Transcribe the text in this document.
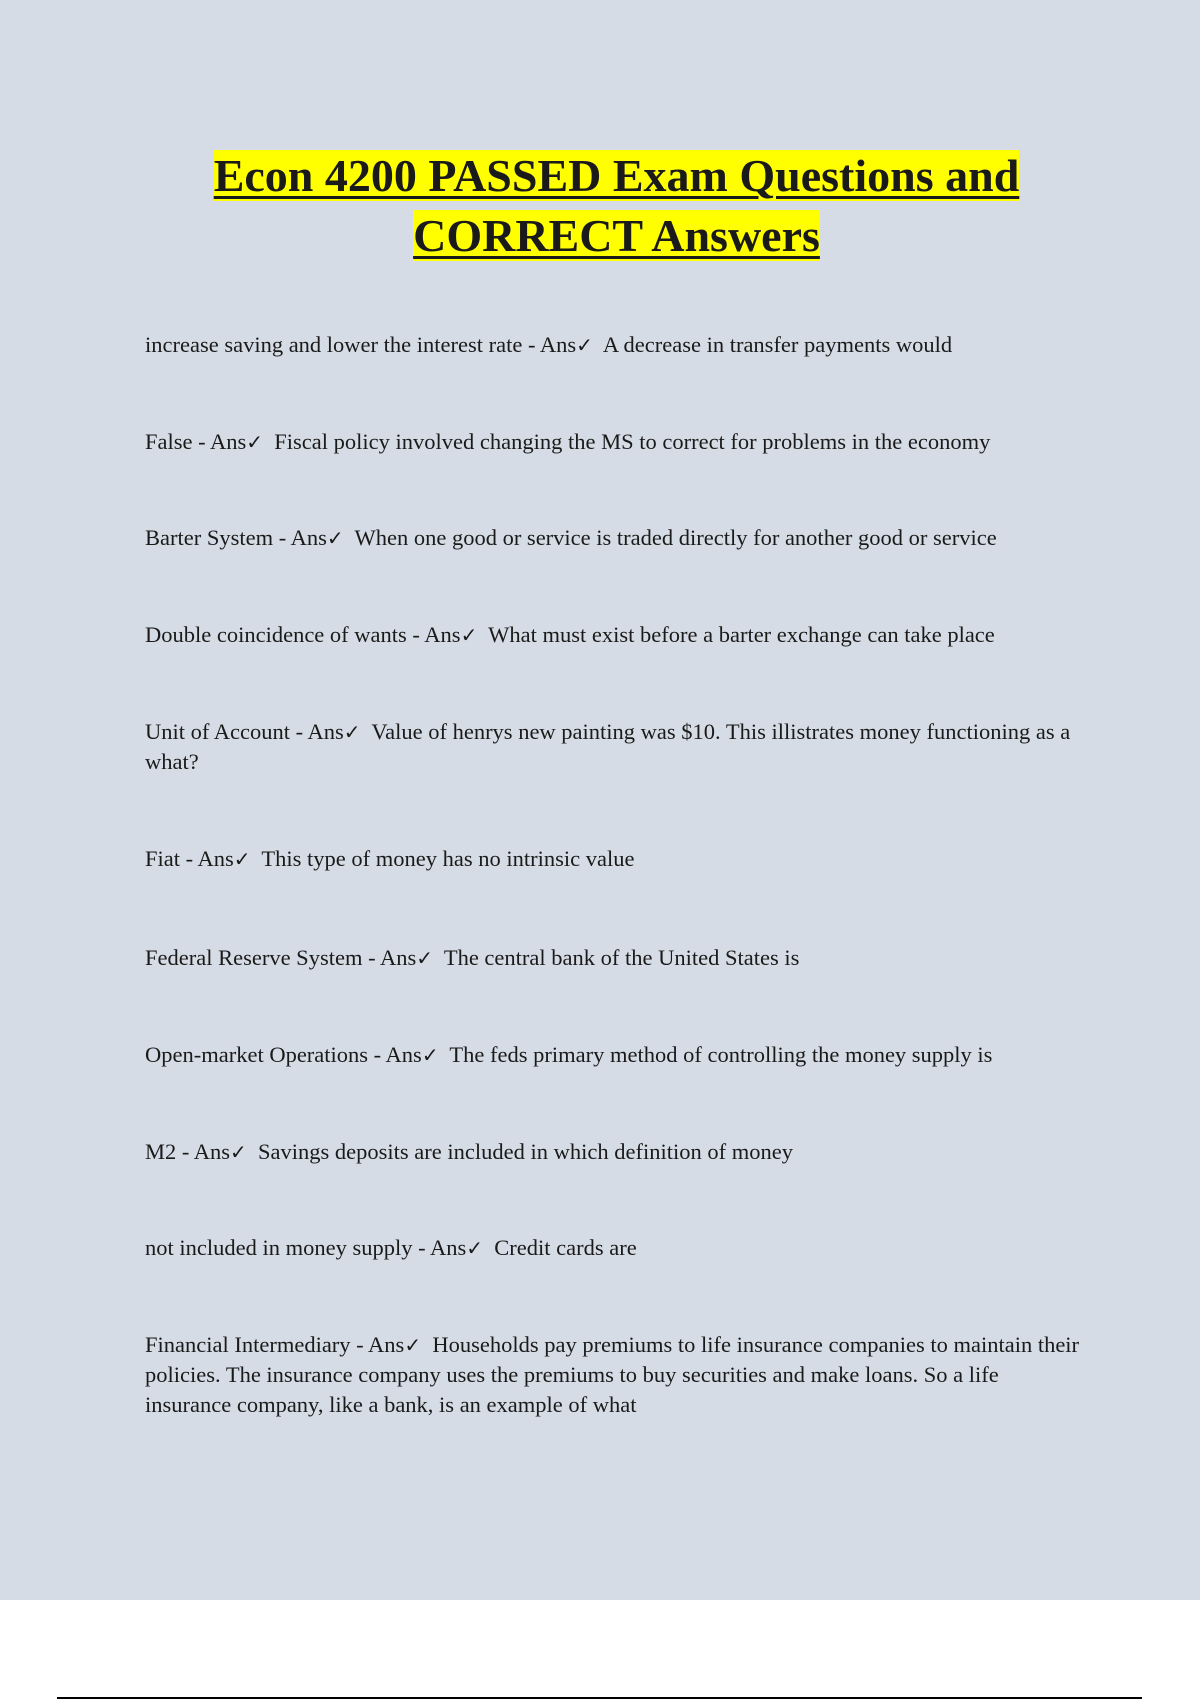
Econ 4200 PASSED Exam Questions and
CORRECT Answers

increase saving and lower the interest rate - Ans✓ A decrease in transfer payments would

False - Ans✓ Fiscal policy involved changing the MS to correct for problems in the economy

Barter System - Ans✓ When one good or service is traded directly for another good or service

Double coincidence of wants - Ans✓ What must exist before a barter exchange can take place

Unit of Account - Ans✓ Value of henrys new painting was $10. This illistrates money functioning as a what?

Fiat - Ans✓ This type of money has no intrinsic value

Federal Reserve System - Ans✓ The central bank of the United States is

Open-market Operations - Ans✓ The feds primary method of controlling the money supply is

M2 - Ans✓ Savings deposits are included in which definition of money

not included in money supply - Ans✓ Credit cards are

Financial Intermediary - Ans✓ Households pay premiums to life insurance companies to maintain their policies. The insurance company uses the premiums to buy securities and make loans. So a life insurance company, like a bank, is an example of what
